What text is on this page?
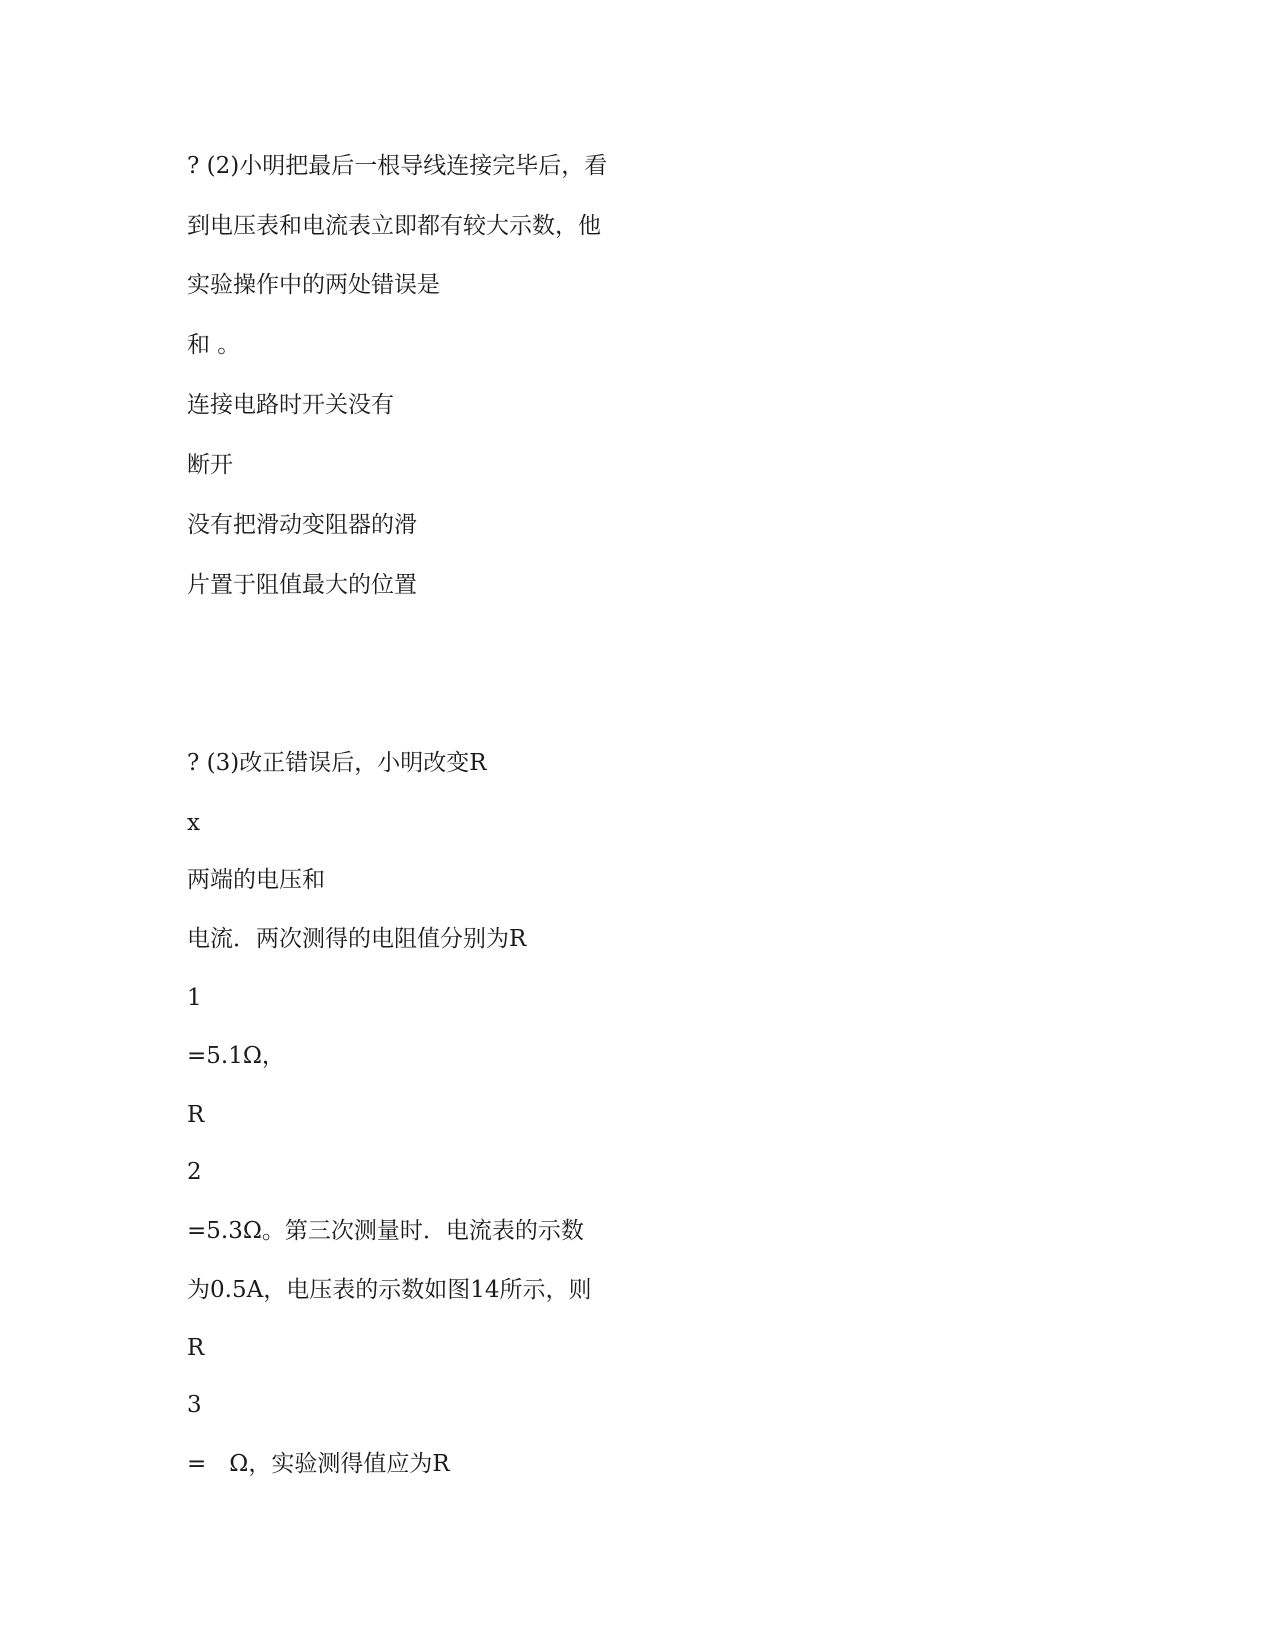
? (2)小明把最后一根导线连接完毕后，看
到电压表和电流表立即都有较大示数，他
实验操作中的两处错误是
和 。
连接电路时开关没有
断开
没有把滑动变阻器的滑
片置于阻值最大的位置
? (3)改正错误后，小明改变R
x
两端的电压和
电流．两次测得的电阻值分别为R
1
=5.1Ω，
R
2
=5.3Ω。第三次测量时．电流表的示数
为0.5A，电压表的示数如图14所示，则
R
3
=　Ω，实验测得值应为R
